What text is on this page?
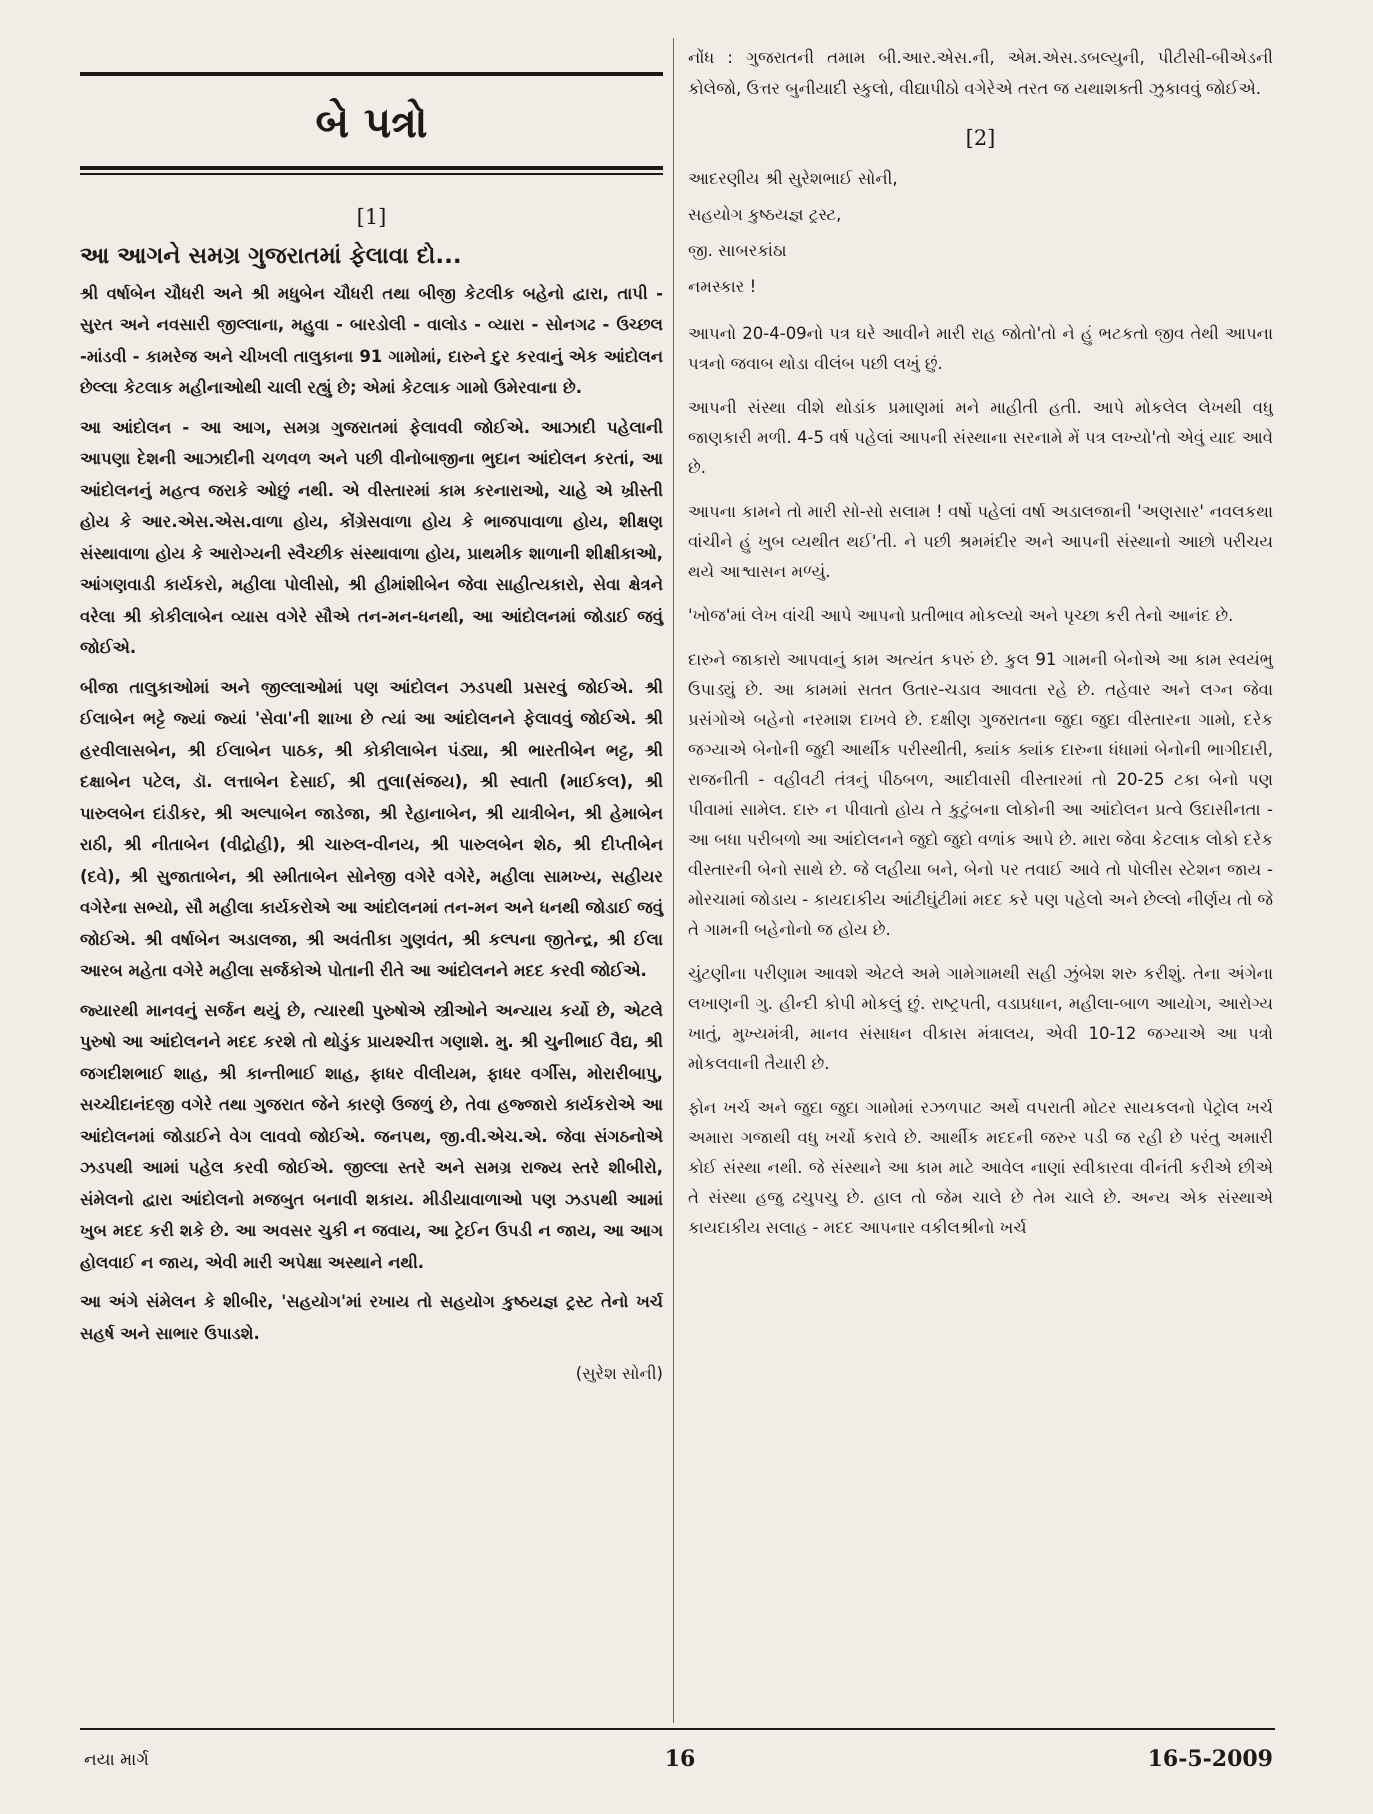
બે પત્રો
[1]
આ આગને સમગ્ર ગુજરાતમાં ફેલાવા દો...

શ્રી વર્ષાબેન ચૌધરી અને શ્રી મધુબેન ચૌધરી તથા બીજી કેટલીક બહેનો દ્વારા, તાપી - સુરત અને નવસારી જીલ્લાના, મહુવા - બારડોલી - વાલોડ - વ્યારા - સોનગઢ - ઉચ્છલ -માંડવી - કામરેજ અને ચીખલી તાલુકાના 91 ગામોમાં, દારુને દુર કરવાનું એક આંદોલન છેલ્લા કેટલાક મહીનાઓથી ચાલી રહ્યું છે; એમાં કેટલાક ગામો ઉમેરવાના છે.

આ આંદોલન - આ આગ, સમગ્ર ગુજરાતમાં ફેલાવવી જોઈએ. આઝાદી પહેલાની આપણા દેશની આઝાદીની ચળવળ અને પછી વીનોબાજીના ભુદાન આંદોલન કરતાં, આ આંદોલનનું મહત્વ જરાકે ઓછું નથી. એ વીસ્તારમાં કામ કરનારાઓ, ચાહે એ ખ્રીસ્તી હોય કે આર.એસ.એસ.વાળા હોય, કોંગ્રેસવાળા હોય કે ભાજપાવાળા હોય, શીક્ષણ સંસ્થાવાળા હોય કે આરોગ્યની સ્વૈચ્છીક સંસ્થાવાળા હોય, પ્રાથમીક શાળાની શીક્ષીકાઓ, આંગણવાડી કાર્યકરો, મહીલા પોલીસો, શ્રી હીમાંશીબેન જેવા સાહીત્યકારો, સેવા ક્ષેત્રને વરેલા શ્રી કોકીલાબેન વ્યાસ વગેરે સૌએ તન-મન-ધનથી, આ આંદોલનમાં જોડાઈ જવું જોઈએ.

બીજા તાલુકાઓમાં અને જીલ્લાઓમાં પણ આંદોલન ઝડપથી પ્રસરવું જોઈએ. શ્રી ઈલાબેન ભટ્ટે જ્યાં જ્યાં 'સેવા'ની શાખા છે ત્યાં આ આંદોલનને ફેલાવવું જોઈએ. શ્રી હરવીલાસબેન, શ્રી ઈલાબેન પાઠક, શ્રી કોકીલાબેન પંડ્યા, શ્રી ભારતીબેન ભટ્ટ, શ્રી દક્ષાબેન પટેલ, ડૉ. લત્તાબેન દેસાઈ, શ્રી તુલા(સંજય), શ્રી સ્વાતી (માઈકલ), શ્રી પારુલબેન દાંડીકર, શ્રી અલ્પાબેન જાડેજા, શ્રી રેહાનાબેન, શ્રી યાત્રીબેન, શ્રી હેમાબેન રાઠી, શ્રી નીતાબેન (વીદ્રોહી), શ્રી ચારુલ-વીનય, શ્રી પારુલબેન શેઠ, શ્રી દીપ્તીબેન (દવે), શ્રી સુજાતાબેન, શ્રી સ્મીતાબેન સોનેજી વગેરે વગેરે, મહીલા સામખ્ય, સહીયર વગેરેના સભ્યો, સૌ મહીલા કાર્યકરોએ આ આંદોલનમાં તન-મન અને ધનથી જોડાઈ જવું જોઈએ. શ્રી વર્ષાબેન અડાલજા, શ્રી અવંતીકા ગુણવંત, શ્રી કલ્પના જીતેન્દ્ર, શ્રી ઈલા આરબ મહેતા વગેરે મહીલા સર્જકોએ પોતાની રીતે આ આંદોલનને મદદ કરવી જોઈએ.

જ્યારથી માનવનું સર્જન થયું છે, ત્યારથી પુરુષોએ સ્ત્રીઓને અન્યાય કર્યો છે, એટલે પુરુષો આ આંદોલનને મદદ કરશે તો થોડુંક પ્રાયશ્ચીત્ત ગણાશે. મુ. શ્રી ચુનીભાઈ વૈદ્ય, શ્રી જગદીશભાઈ શાહ, શ્રી કાન્તીભાઈ શાહ, ફાધર વીલીયમ, ફાધર વર્ગીસ, મોરારીબાપુ, સચ્ચીદાનંદજી વગેરે તથા ગુજરાત જેને કારણે ઉજળું છે, તેવા હજ્જારો કાર્યકરોએ આ આંદોલનમાં જોડાઈને વેગ લાવવો જોઈએ. જનપથ, જી.વી.એચ.એ. જેવા સંગઠનોએ ઝડપથી આમાં પહેલ કરવી જોઈએ. જીલ્લા સ્તરે અને સમગ્ર રાજ્ય સ્તરે શીબીરો, સંમેલનો દ્વારા આંદોલનો મજબુત બનાવી શકાય. મીડીયાવાળાઓ પણ ઝડપથી આમાં ખુબ મદદ કરી શકે છે. આ અવસર ચુકી ન જવાય, આ ટ્રેઈન ઉપડી ન જાય, આ આગ હોલવાઈ ન જાય, એવી મારી અપેક્ષા અસ્થાને નથી.

આ અંગે સંમેલન કે શીબીર, 'સહયોગ'માં રખાય તો સહયોગ કુષ્ઠયજ્ઞ ટ્રસ્ટ તેનો ખર્ચ સહર્ષ અને સાભાર ઉપાડશે.

(સુરેશ સોની)

નોંધ : ગુજરાતની તમામ બી.આર.એસ.ની, એમ.એસ.ડબલ્યુની, પીટીસી-બીએડની કોલેજો, ઉત્તર બુનીયાદી સ્કુલો, વીદ્યાપીઠો વગેરેએ તરત જ યથાશક્તી ઝુકાવવું જોઈએ.

[2]
આદરણીય શ્રી સુરેશભાઈ સોની,
સહયોગ કુષ્ઠયજ્ઞ ટ્રસ્ટ,
જી. સાબરકાંઠા
નમસ્કાર !

આપનો 20-4-09નો પત્ર ઘરે આવીને મારી રાહ જોતો'તો ને હું ભટકતો જીવ તેથી આપના પત્રનો જવાબ થોડા વીલંબ પછી લખું છું.

આપની સંસ્થા વીશે થોડાંક પ્રમાણમાં મને માહીતી હતી. આપે મોકલેલ લેખથી વધુ જાણકારી મળી. 4-5 વર્ષ પહેલાં આપની સંસ્થાના સરનામે મેં પત્ર લખ્યો'તો એવું યાદ આવે છે.

આપના કામને તો મારી સો-સો સલામ ! વર્ષો પહેલાં વર્ષા અડાલજાની 'અણસાર' નવલકથા વાંચીને હું ખુબ વ્યથીત થઈ'તી. ને પછી શ્રમમંદીર અને આપની સંસ્થાનો આછો પરીચય થયે આશ્વાસન મળ્યું.

'ખોજ'માં લેખ વાંચી આપે આપનો પ્રતીભાવ મોકલ્યો અને પૃચ્છા કરી તેનો આનંદ છે.

દારુને જાકારો આપવાનું કામ અત્યંત કપરું છે. કુલ 91 ગામની બેનોએ આ કામ સ્વયંભુ ઉપાડ્યું છે. આ કામમાં સતત ઉતાર-ચડાવ આવતા રહે છે. તહેવાર અને લગ્ન જેવા પ્રસંગોએ બહેનો નરમાશ દાખવે છે. દક્ષીણ ગુજરાતના જુદા જુદા વીસ્તારના ગામો, દરેક જગ્યાએ બેનોની જુદી આર્થીક પરીસ્થીતી, ક્યાંક ક્યાંક દારુના ધંધામાં બેનોની ભાગીદારી, રાજનીતી - વહીવટી તંત્રનું પીઠબળ, આદીવાસી વીસ્તારમાં તો 20-25 ટકા બેનો પણ પીવામાં સામેલ. દારુ ન પીવાતો હોય તે કુટુંબના લોકોની આ આંદોલન પ્રત્વે ઉદાસીનતા - આ બધા પરીબળો આ આંદોલનને જુદો જુદો વળાંક આપે છે. મારા જેવા કેટલાક લોકો દરેક વીસ્તારની બેનો સાથે છે. જે લહીયા બને, બેનો પર તવાઈ આવે તો પોલીસ સ્ટેશન જાય - મોરચામાં જોડાય - કાયદાકીય આંટીઘુંટીમાં મદદ કરે પણ પહેલો અને છેલ્લો નીર્ણય તો જે તે ગામની બહેનોનો જ હોય છે.

ચુંટણીના પરીણામ આવશે એટલે અમે ગામેગામથી સહી ઝુંબેશ શરુ કરીશું. તેના અંગેના લખાણની ગુ. હીન્દી કોપી મોકલું છું. રાષ્ટ્રપતી, વડાપ્રધાન, મહીલા-બાળ આયોગ, આરોગ્ય ખાતું, મુખ્યમંત્રી, માનવ સંસાધન વીકાસ મંત્રાલય, એવી 10-12 જગ્યાએ આ પત્રો મોકલવાની તૈયારી છે.

ફોન ખર્ચ અને જુદા જુદા ગામોમાં રઝળપાટ અર્થે વપરાતી મોટર સાયકલનો પેટ્રોલ ખર્ચ અમારા ગજાથી વધુ ખર્ચો કરાવે છે. આર્થીક મદદની જરુર પડી જ રહી છે પરંતુ અમારી કોઈ સંસ્થા નથી. જે સંસ્થાને આ કામ માટે આવેલ નાણાં સ્વીકારવા વીનંતી કરીએ છીએ તે સંસ્થા હજુ ઢચુપચુ છે. હાલ તો જેમ ચાલે છે તેમ ચાલે છે. અન્ય એક સંસ્થાએ કાયદાકીય સલાહ - મદદ આપનાર વકીલશ્રીનો ખર્ચ

નયા માર્ગ	16	16-5-2009
